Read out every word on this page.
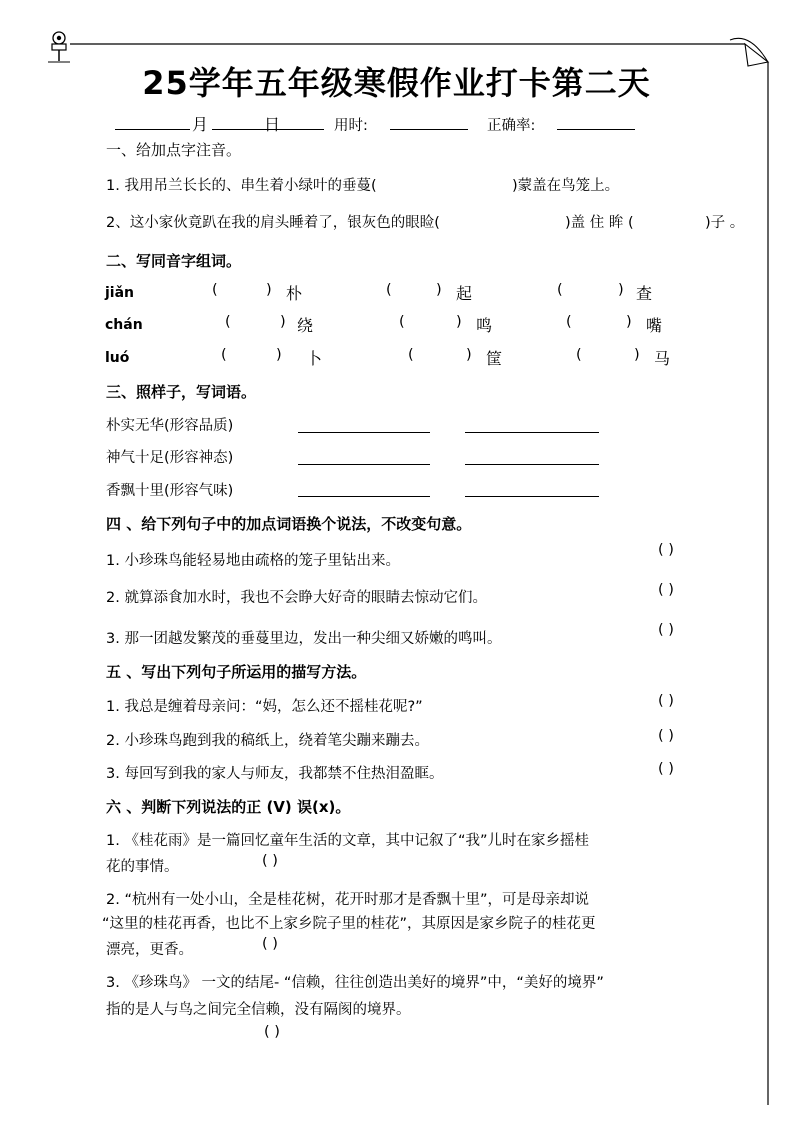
25学年五年级寒假作业打卡第二天
月	日	用时:	正确率:
一、给加点字注音。
1. 我用吊兰长长的、串生着小绿叶的垂蔓(	)蒙盖在鸟笼上。
2、这小家伙竟趴在我的肩头睡着了，银灰色的眼睑(	)盖 住 眸 (	)子 。
二、写同音字组词。
jiǎn	(	) 朴	(	) 起	(	) 查
chán	(	) 绕	(	) 鸣	(	) 嘴
luó	(	) 卜	(	) 筐	(	) 马
三、照样子，写词语。
朴实无华(形容品质)
神气十足(形容神态)
香飘十里(形容气味)
四 、给下列句子中的加点词语换个说法，不改变句意。
1. 小珍珠鸟能轻易地由疏格的笼子里钻出来。
( )
2. 就算添食加水时，我也不会睁大好奇的眼睛去惊动它们。	( )
3. 那一团越发繁茂的垂蔓里边，发出一种尖细又娇嫩的鸣叫。
( )
五 、写出下列句子所运用的描写方法。
1. 我总是缠着母亲问：“妈，怎么还不摇桂花呢?”	( )
2. 小珍珠鸟跑到我的稿纸上，绕着笔尖蹦来蹦去。	( )
3. 每回写到我的家人与师友，我都禁不住热泪盈眶。	( )
六 、判断下列说法的正 (V) 误(x)。
1. 《桂花雨》是一篇回忆童年生活的文章，其中记叙了“我”儿时在家乡摇桂
花的事情。	( )
2. “杭州有一处小山，全是桂花树，花开时那才是香飘十里”，可是母亲却说
“这里的桂花再香，也比不上家乡院子里的桂花”，其原因是家乡院子的桂花更
漂亮，更香。	( )
3. 《珍珠鸟》 一文的结尾- “信赖，往往创造出美好的境界”中，“美好的境界”
指的是人与鸟之间完全信赖，没有隔阂的境界。
( )
